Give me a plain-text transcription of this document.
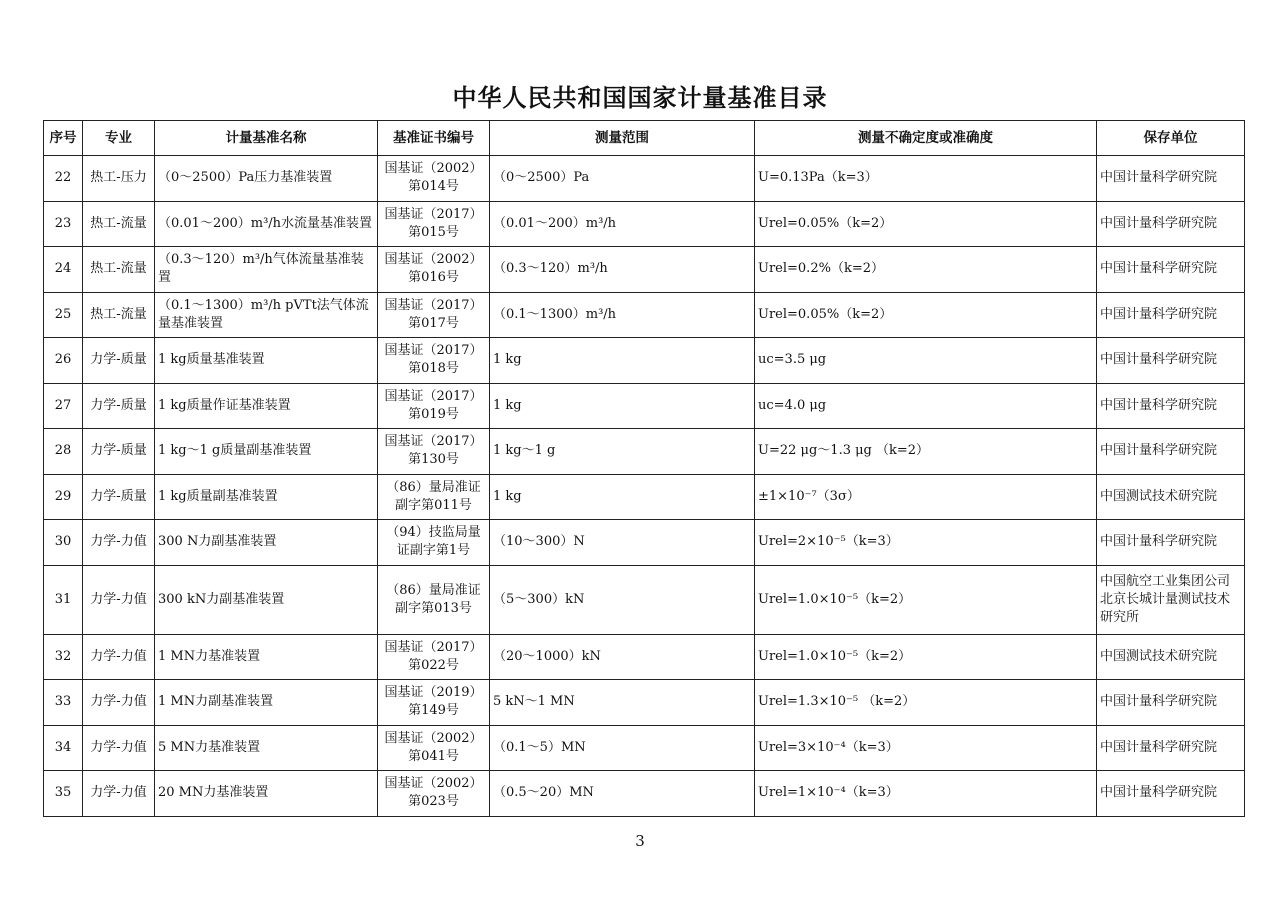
中华人民共和国国家计量基准目录
序号	专业	计量基准名称	基准证书编号	测量范围	测量不确定度或准确度	保存单位
22	热工-压力	（0～2500）Pa压力基准装置	国基证（2002）第014号	（0～2500）Pa	U=0.13Pa（k=3）	中国计量科学研究院
23	热工-流量	（0.01～200）m³/h水流量基准装置	国基证（2017）第015号	（0.01～200）m³/h	Urel=0.05%（k=2）	中国计量科学研究院
24	热工-流量	（0.3～120）m³/h气体流量基准装置	国基证（2002）第016号	（0.3～120）m³/h	Urel=0.2%（k=2）	中国计量科学研究院
25	热工-流量	（0.1～1300）m³/h pVTt法气体流量基准装置	国基证（2017）第017号	（0.1～1300）m³/h	Urel=0.05%（k=2）	中国计量科学研究院
26	力学-质量	1 kg质量基准装置	国基证（2017）第018号	1 kg	uc=3.5 μg	中国计量科学研究院
27	力学-质量	1 kg质量作证基准装置	国基证（2017）第019号	1 kg	uc=4.0 μg	中国计量科学研究院
28	力学-质量	1 kg～1 g质量副基准装置	国基证（2017）第130号	1 kg～1 g	U=22 μg～1.3 μg （k=2）	中国计量科学研究院
29	力学-质量	1 kg质量副基准装置	（86）量局准证副字第011号	1 kg	±1×10⁻⁷（3σ）	中国测试技术研究院
30	力学-力值	300 N力副基准装置	（94）技监局量证副字第1号	（10～300）N	Urel=2×10⁻⁵（k=3）	中国计量科学研究院
31	力学-力值	300 kN力副基准装置	（86）量局准证副字第013号	（5～300）kN	Urel=1.0×10⁻⁵（k=2）	中国航空工业集团公司北京长城计量测试技术研究所
32	力学-力值	1 MN力基准装置	国基证（2017）第022号	（20～1000）kN	Urel=1.0×10⁻⁵（k=2）	中国测试技术研究院
33	力学-力值	1 MN力副基准装置	国基证（2019）第149号	5 kN～1 MN	Urel=1.3×10⁻⁵ （k=2）	中国计量科学研究院
34	力学-力值	5 MN力基准装置	国基证（2002）第041号	（0.1～5）MN	Urel=3×10⁻⁴（k=3）	中国计量科学研究院
35	力学-力值	20 MN力基准装置	国基证（2002）第023号	（0.5～20）MN	Urel=1×10⁻⁴（k=3）	中国计量科学研究院
3
